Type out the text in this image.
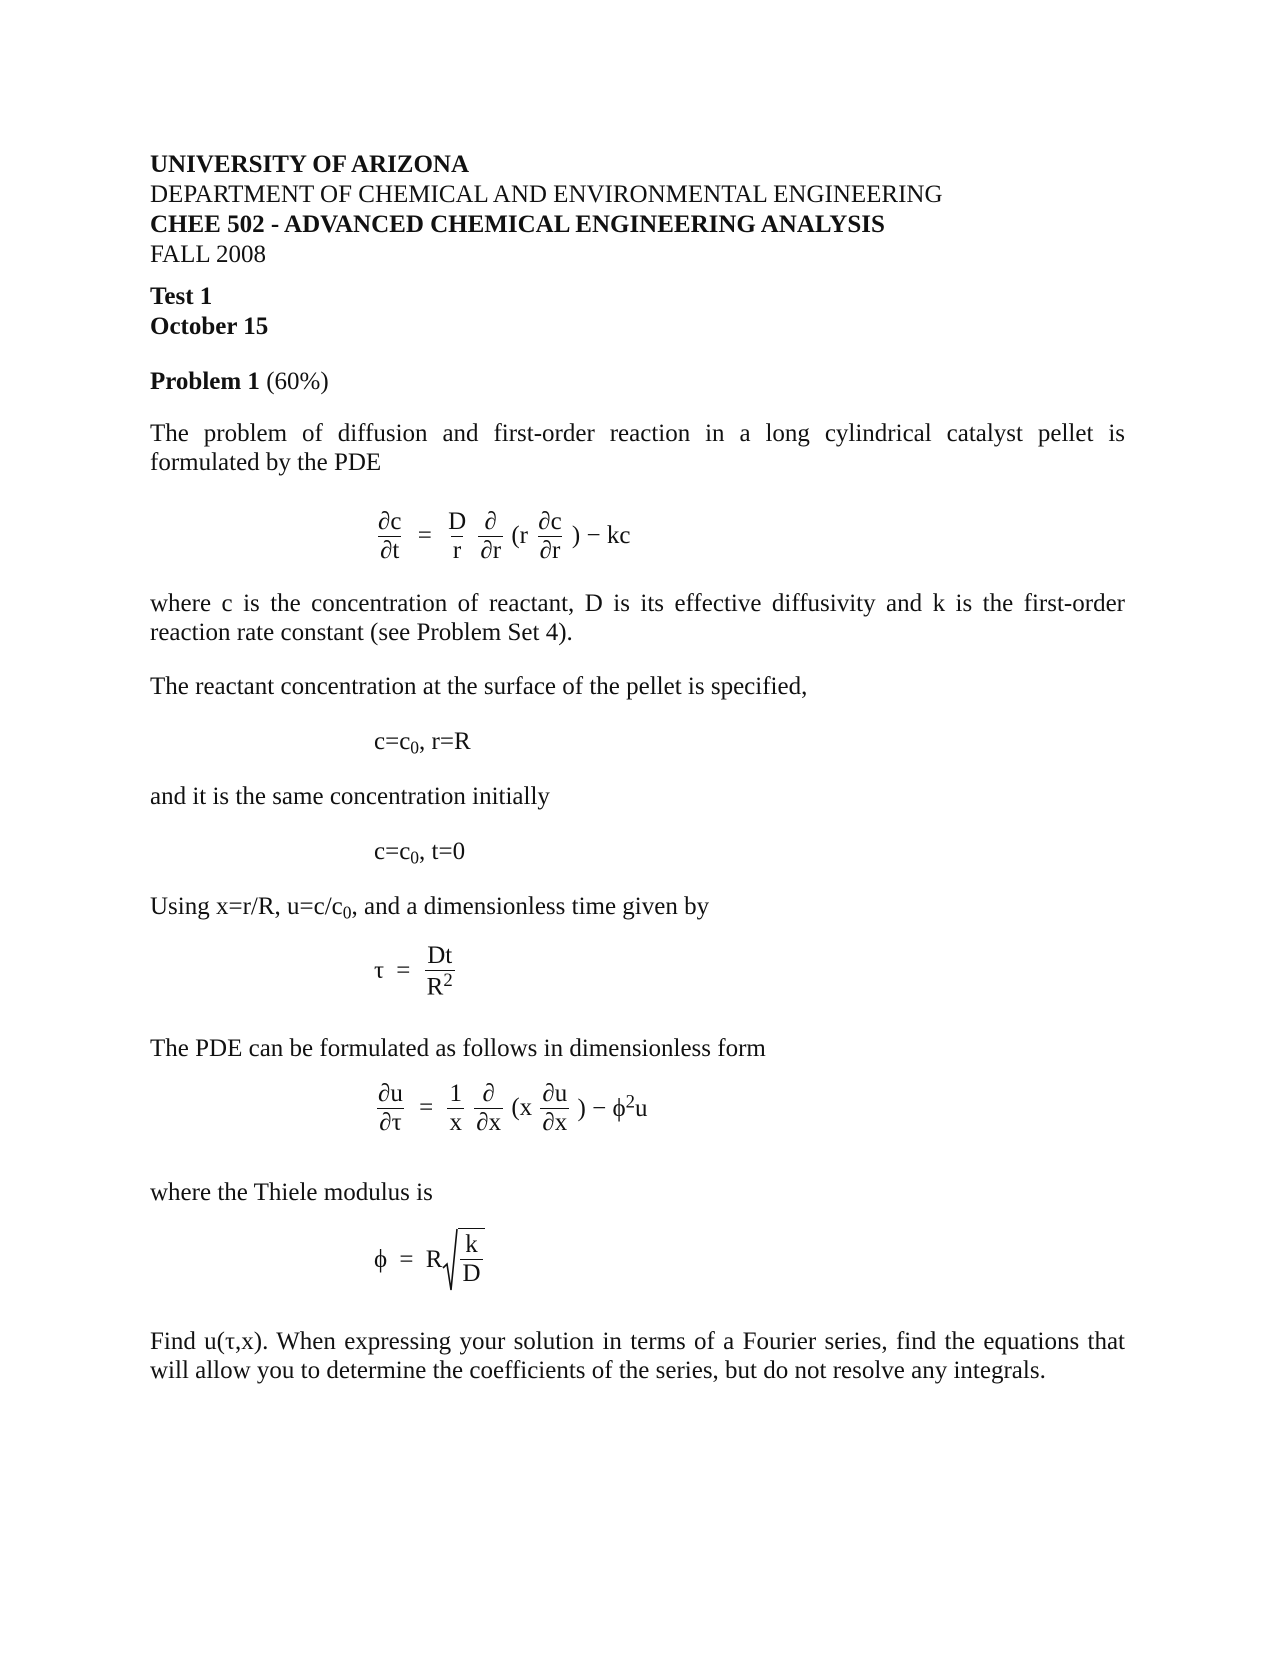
UNIVERSITY OF ARIZONA
DEPARTMENT OF CHEMICAL AND ENVIRONMENTAL ENGINEERING
CHEE 502 - ADVANCED CHEMICAL ENGINEERING ANALYSIS
FALL 2008
Test 1
October 15
Problem 1 (60%)
The problem of diffusion and first-order reaction in a long cylindrical catalyst pellet is formulated by the PDE
$\frac{\partial c}{\partial t} = \frac{D}{r}$
$\frac{\partial}{\partial r} (r \frac{\partial c}{\partial r}$ ) − kc
where c is the concentration of reactant, D is its effective diffusivity and k is the first-order reaction rate constant (see Problem Set 4).
The reactant concentration at the surface of the pellet is specified,
$c=c_0$, r=R
and it is the same concentration initially
$c=c_0$, t=0
Using x=r/R, $u=c/c_0$, and a dimensionless time given by
$\tau = \frac{Dt}{R^2}$
The PDE can be formulated as follows in dimensionless form
$\frac{\partial u}{\partial\tau} = \frac{1}{x}$
$\frac{\partial}{\partial x} (x \frac{\partial u}{\partial x}$ ) − $\phi^2u$
where the Thiele modulus is
ϕ = R $\frac{k}{D}$
Find u(τ,x). When expressing your solution in terms of a Fourier series, find the equations that will allow you to determine the coefficients of the series, but do not resolve any integrals.
